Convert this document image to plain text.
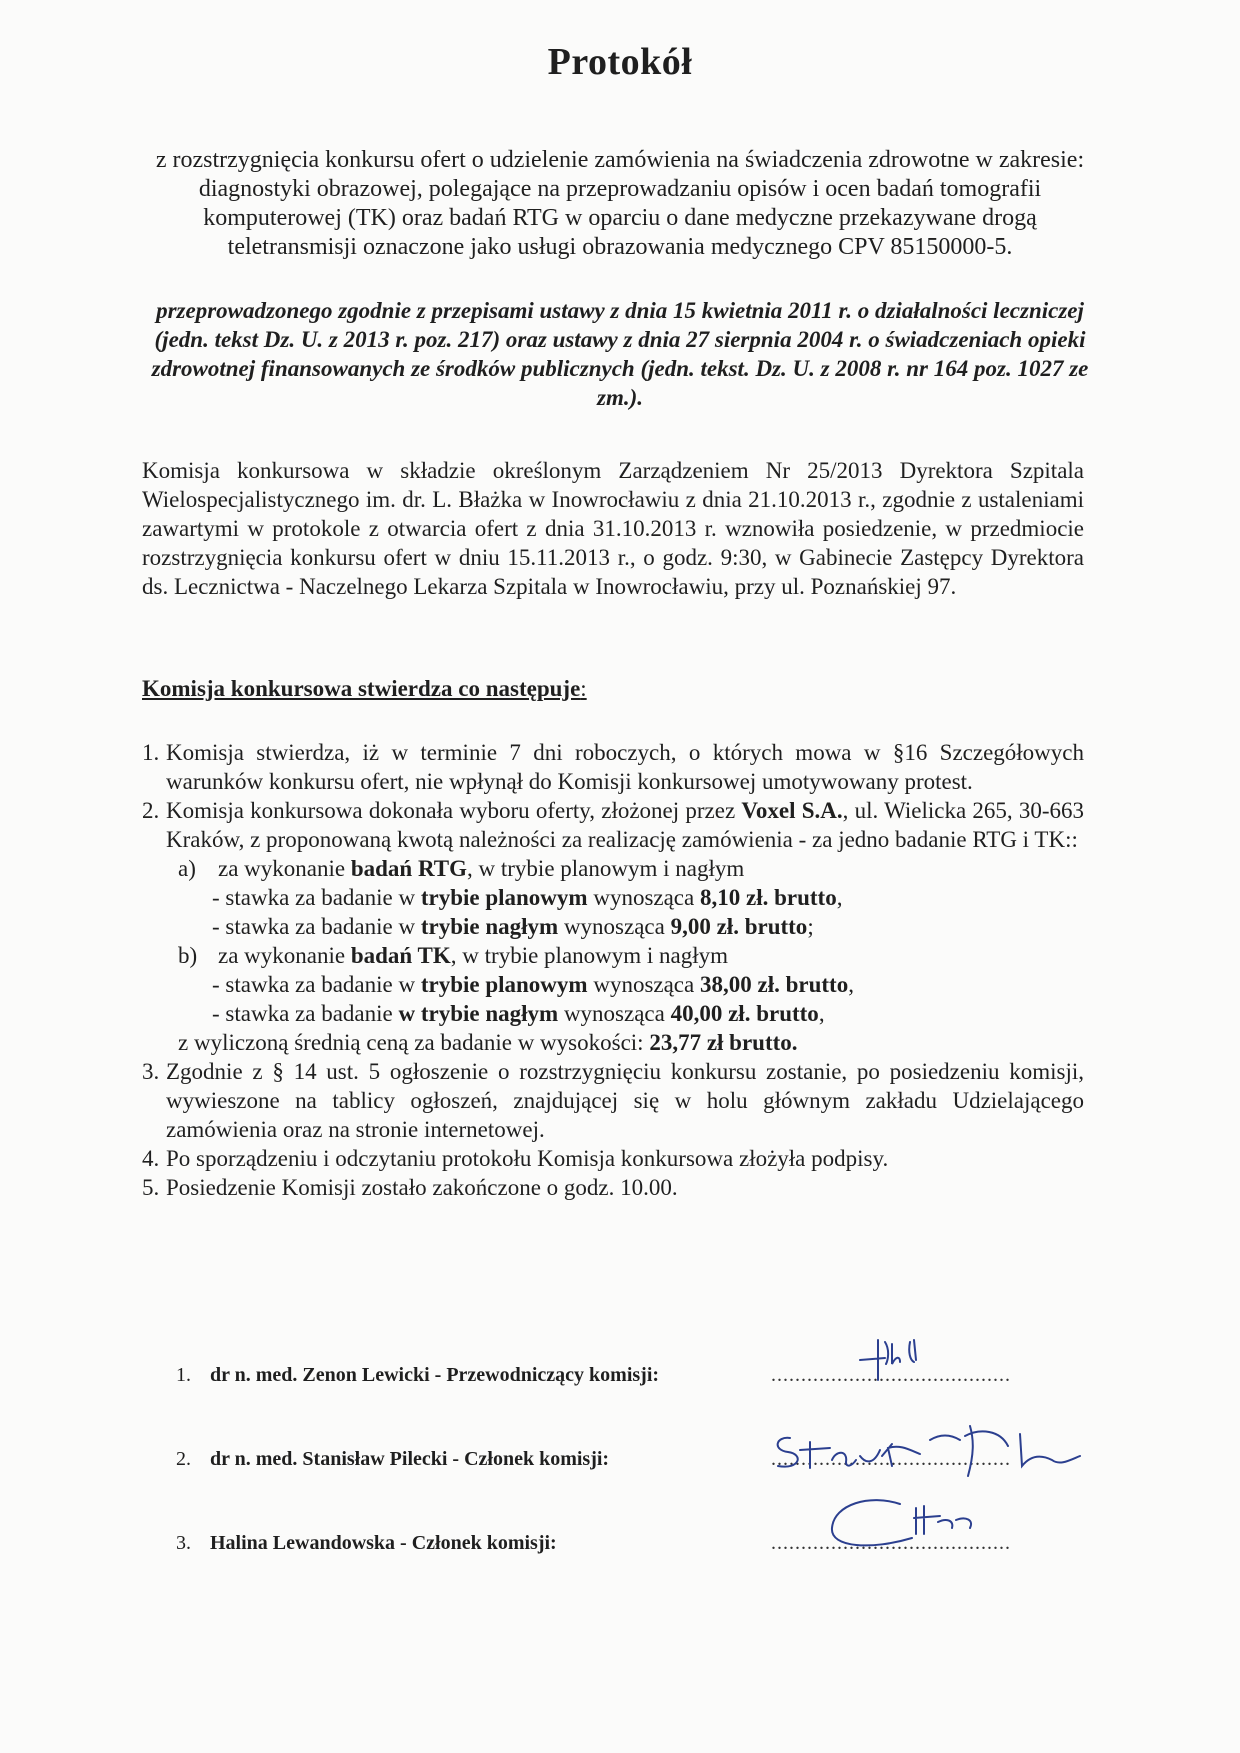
Protokół
z rozstrzygnięcia konkursu ofert o udzielenie zamówienia na świadczenia zdrowotne w zakresie: diagnostyki obrazowej, polegające na przeprowadzaniu opisów i ocen badań tomografii komputerowej (TK) oraz badań RTG w oparciu o dane medyczne przekazywane drogą teletransmisji oznaczone jako usługi obrazowania medycznego CPV 85150000-5.
przeprowadzonego zgodnie z przepisami ustawy z dnia 15 kwietnia 2011 r. o działalności leczniczej (jedn. tekst Dz. U. z 2013 r. poz. 217) oraz ustawy z dnia 27 sierpnia 2004 r. o świadczeniach opieki zdrowotnej finansowanych ze środków publicznych (jedn. tekst. Dz. U. z 2008 r. nr 164 poz. 1027 ze zm.).
Komisja konkursowa w składzie określonym Zarządzeniem Nr 25/2013 Dyrektora Szpitala Wielospecjalistycznego im. dr. L. Błażka w Inowrocławiu z dnia 21.10.2013 r., zgodnie z ustaleniami zawartymi w protokole z otwarcia ofert z dnia 31.10.2013 r. wznowiła posiedzenie, w przedmiocie rozstrzygnięcia konkursu ofert w dniu 15.11.2013 r., o godz. 9:30, w Gabinecie Zastępcy Dyrektora ds. Lecznictwa - Naczelnego Lekarza Szpitala w Inowrocławiu, przy ul. Poznańskiej 97.
Komisja konkursowa stwierdza co następuje:
1. Komisja stwierdza, iż w terminie 7 dni roboczych, o których mowa w §16 Szczegółowych warunków konkursu ofert, nie wpłynął do Komisji konkursowej umotywowany protest.
2. Komisja konkursowa dokonała wyboru oferty, złożonej przez Voxel S.A., ul. Wielicka 265, 30-663 Kraków, z proponowaną kwotą należności za realizację zamówienia - za jedno badanie RTG i TK::
a) za wykonanie badań RTG, w trybie planowym i nagłym
- stawka za badanie w trybie planowym wynosząca 8,10 zł. brutto,
- stawka za badanie w trybie nagłym wynosząca 9,00 zł. brutto;
b) za wykonanie badań TK, w trybie planowym i nagłym
- stawka za badanie w trybie planowym wynosząca 38,00 zł. brutto,
- stawka za badanie w trybie nagłym wynosząca 40,00 zł. brutto,
z wyliczoną średnią ceną za badanie w wysokości: 23,77 zł brutto.
3. Zgodnie z § 14 ust. 5 ogłoszenie o rozstrzygnięciu konkursu zostanie, po posiedzeniu komisji, wywieszone na tablicy ogłoszeń, znajdującej się w holu głównym zakładu Udzielającego zamówienia oraz na stronie internetowej.
4. Po sporządzeniu i odczytaniu protokołu Komisja konkursowa złożyła podpisy.
5. Posiedzenie Komisji zostało zakończone o godz. 10.00.
1. dr n. med. Zenon Lewicki - Przewodniczący komisji:	........................................
2. dr n. med. Stanisław Pilecki - Członek komisji:	........................................
3. Halina Lewandowska - Członek komisji:	........................................
